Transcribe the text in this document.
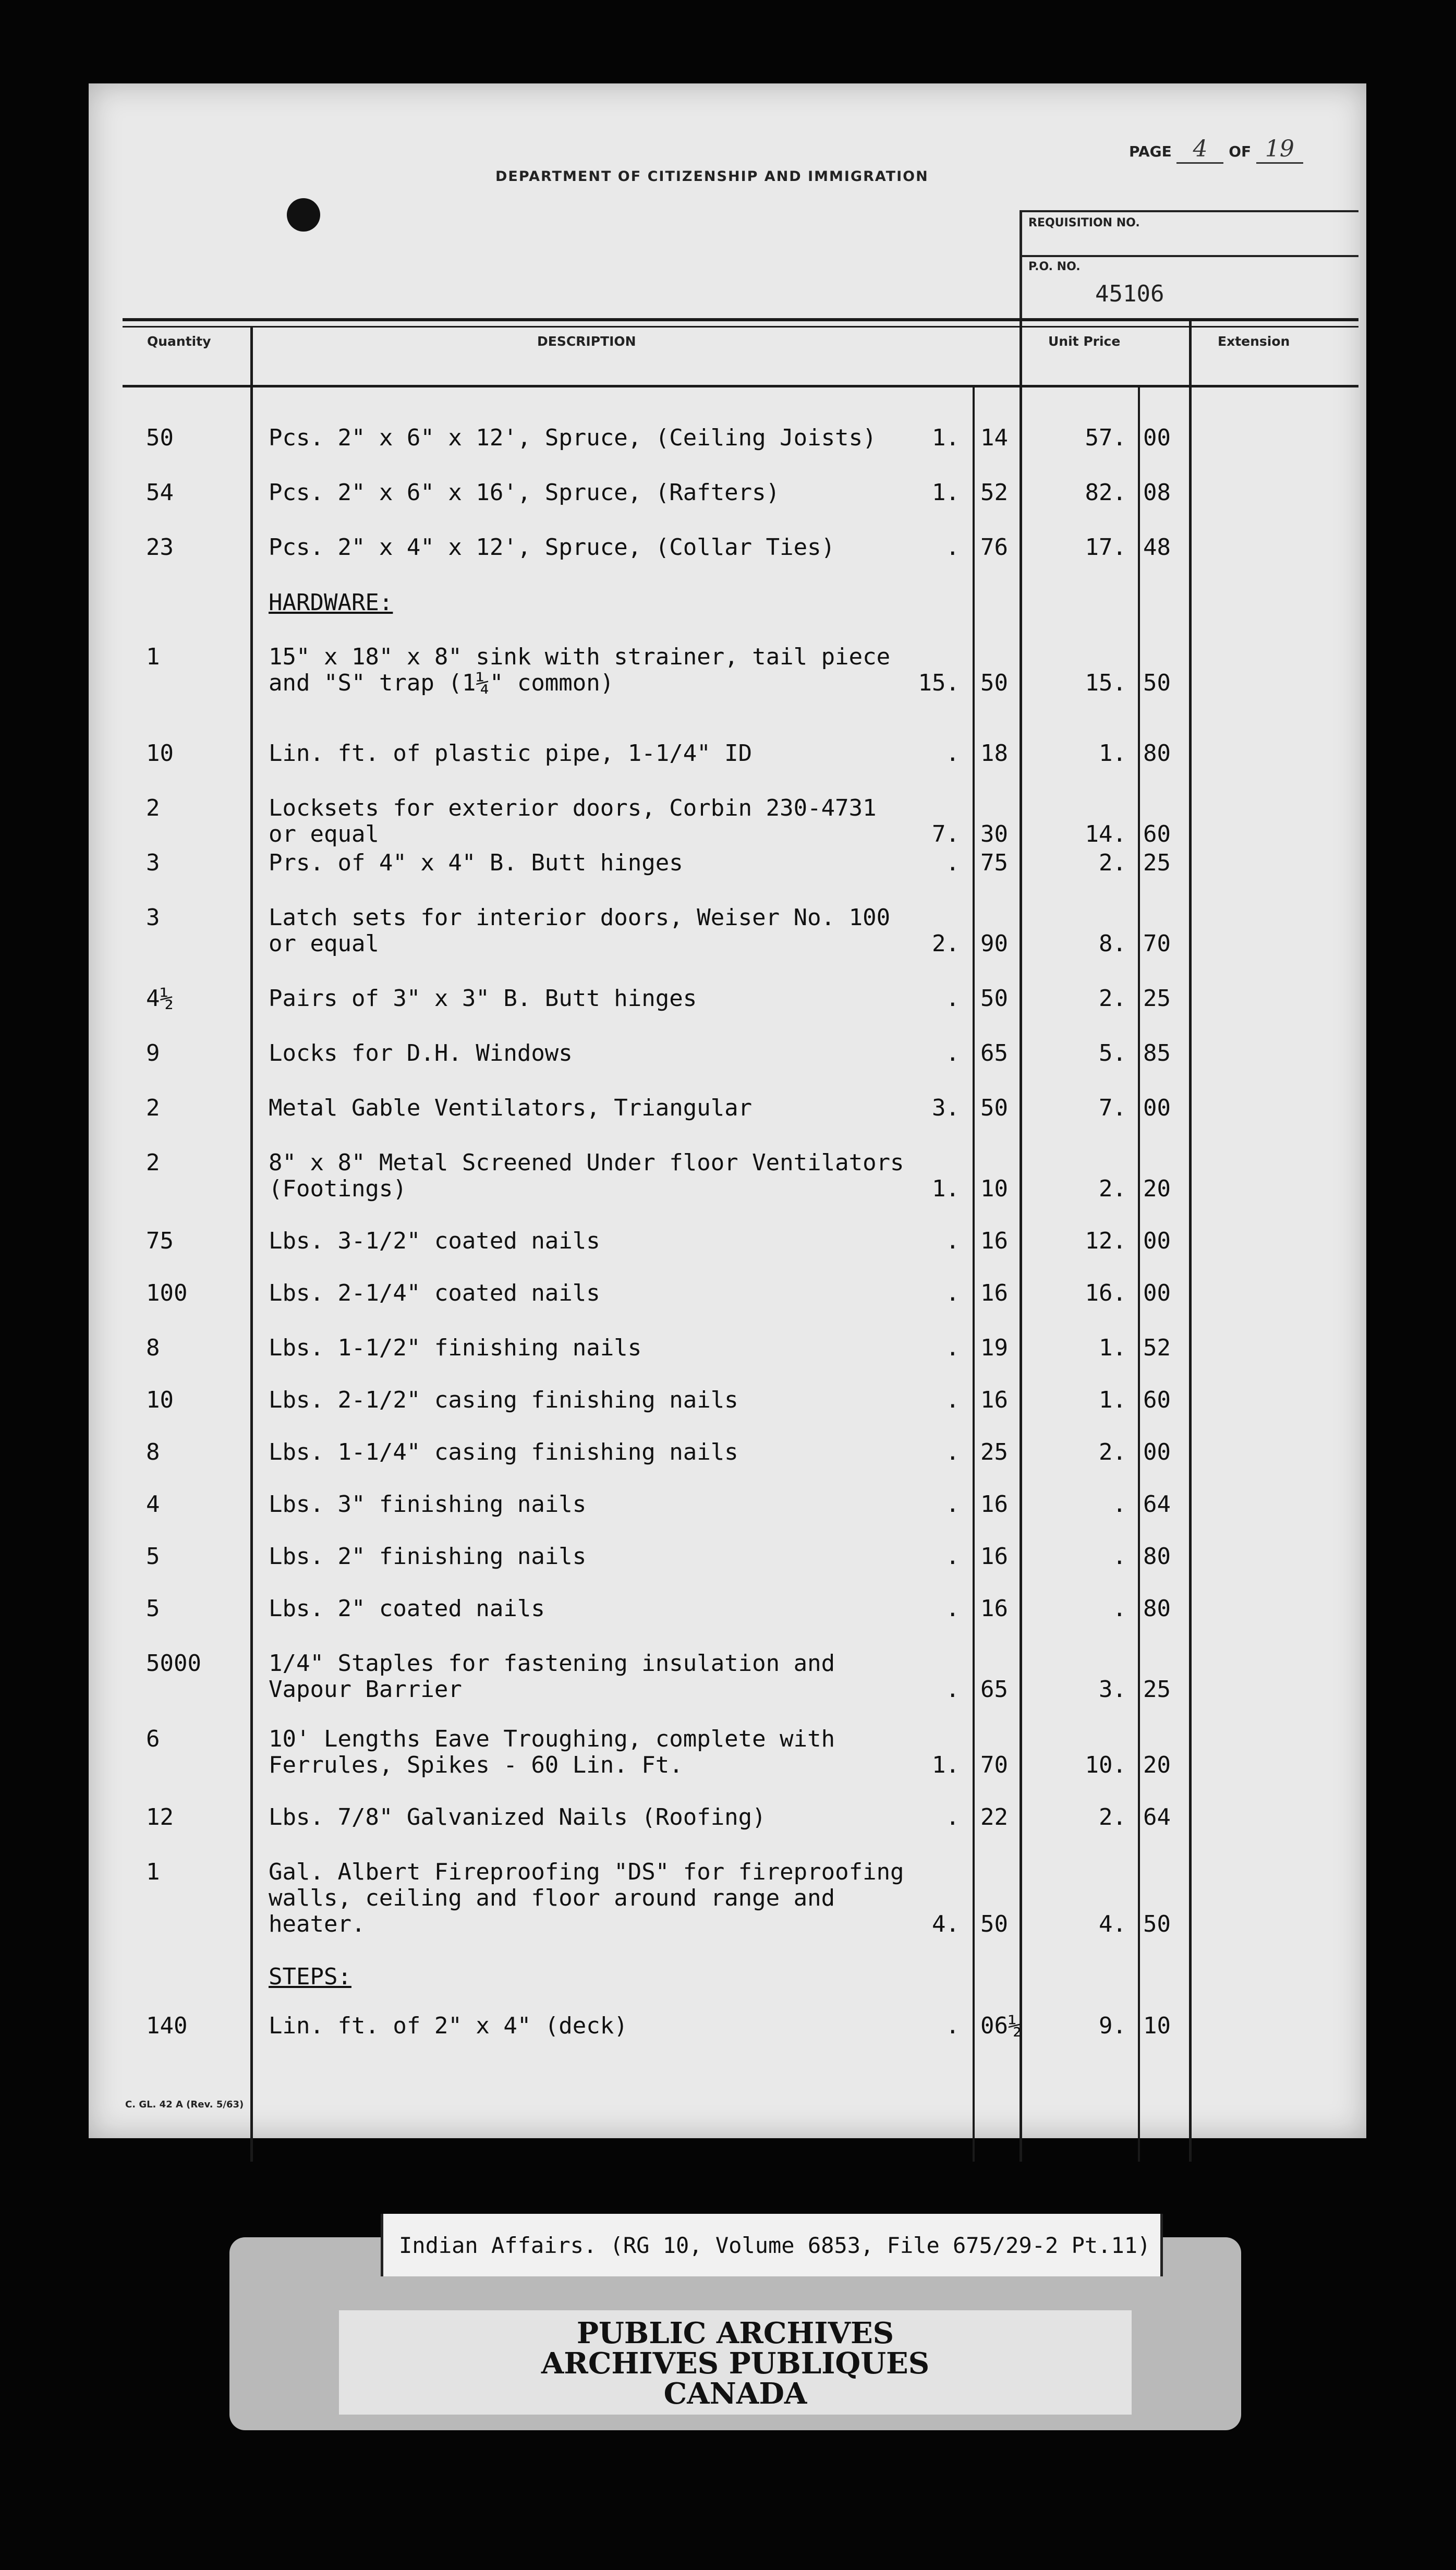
PAGE 4 OF 19
DEPARTMENT OF CITIZENSHIP AND IMMIGRATION
REQUISITION NO.
P.O. NO.
45106
Quantity	DESCRIPTION	Unit Price	Extension
HARDWARE:
STEPS:
50	Pcs. 2" x 6" x 12', Spruce, (Ceiling Joists) 1. 14	57. 00
54	Pcs. 2" x 6" x 16', Spruce, (Rafters)	1. 52	82. 08
23	Pcs. 2" x 4" x 12', Spruce, (Collar Ties)	. 76	17. 48
1	15" x 18" x 8" sink with strainer, tail piece
and "S" trap (1¼" common)	15. 50	15. 50
10	Lin. ft. of plastic pipe, 1-1/4" ID	. 18	1. 80
2	Locksets for exterior doors, Corbin 230-4731
or equal	7. 30	14. 60
3	Prs. of 4" x 4" B. Butt hinges	. 75	2. 25
3	Latch sets for interior doors, Weiser No. 100
or equal	2. 90	8. 70
4½	Pairs of 3" x 3" B. Butt hinges	. 50	2. 25
9	Locks for D.H. Windows	. 65	5. 85
2	Metal Gable Ventilators, Triangular	3. 50	7. 00
2	8" x 8" Metal Screened Under floor Ventilators
(Footings)	1. 10	2. 20
75	Lbs. 3-1/2" coated nails	. 16	12. 00
100	Lbs. 2-1/4" coated nails	. 16	16. 00
8	Lbs. 1-1/2" finishing nails	. 19	1. 52
10	Lbs. 2-1/2" casing finishing nails	. 16	1. 60
8	Lbs. 1-1/4" casing finishing nails	. 25	2. 00
4	Lbs. 3" finishing nails	. 16	. 64
5	Lbs. 2" finishing nails	. 16	. 80
5	Lbs. 2" coated nails	. 16	. 80
5000	1/4" Staples for fastening insulation and
Vapour Barrier	. 65	3. 25
6	10' Lengths Eave Troughing, complete with
Ferrules, Spikes - 60 Lin. Ft.	1. 70	10. 20
12	Lbs. 7/8" Galvanized Nails (Roofing)	. 22	2. 64
1	Gal. Albert Fireproofing "DS" for fireproofing
walls, ceiling and floor around range and
heater.	4. 50	4. 50
140	Lin. ft. of 2" x 4" (deck)	. 06½	9. 10
C. GL. 42 A (Rev. 5/63)
PUBLIC ARCHIVES
ARCHIVES PUBLIQUES
CANADA
Indian Affairs. (RG 10, Volume 6853, File 675/29-2 Pt.11)
